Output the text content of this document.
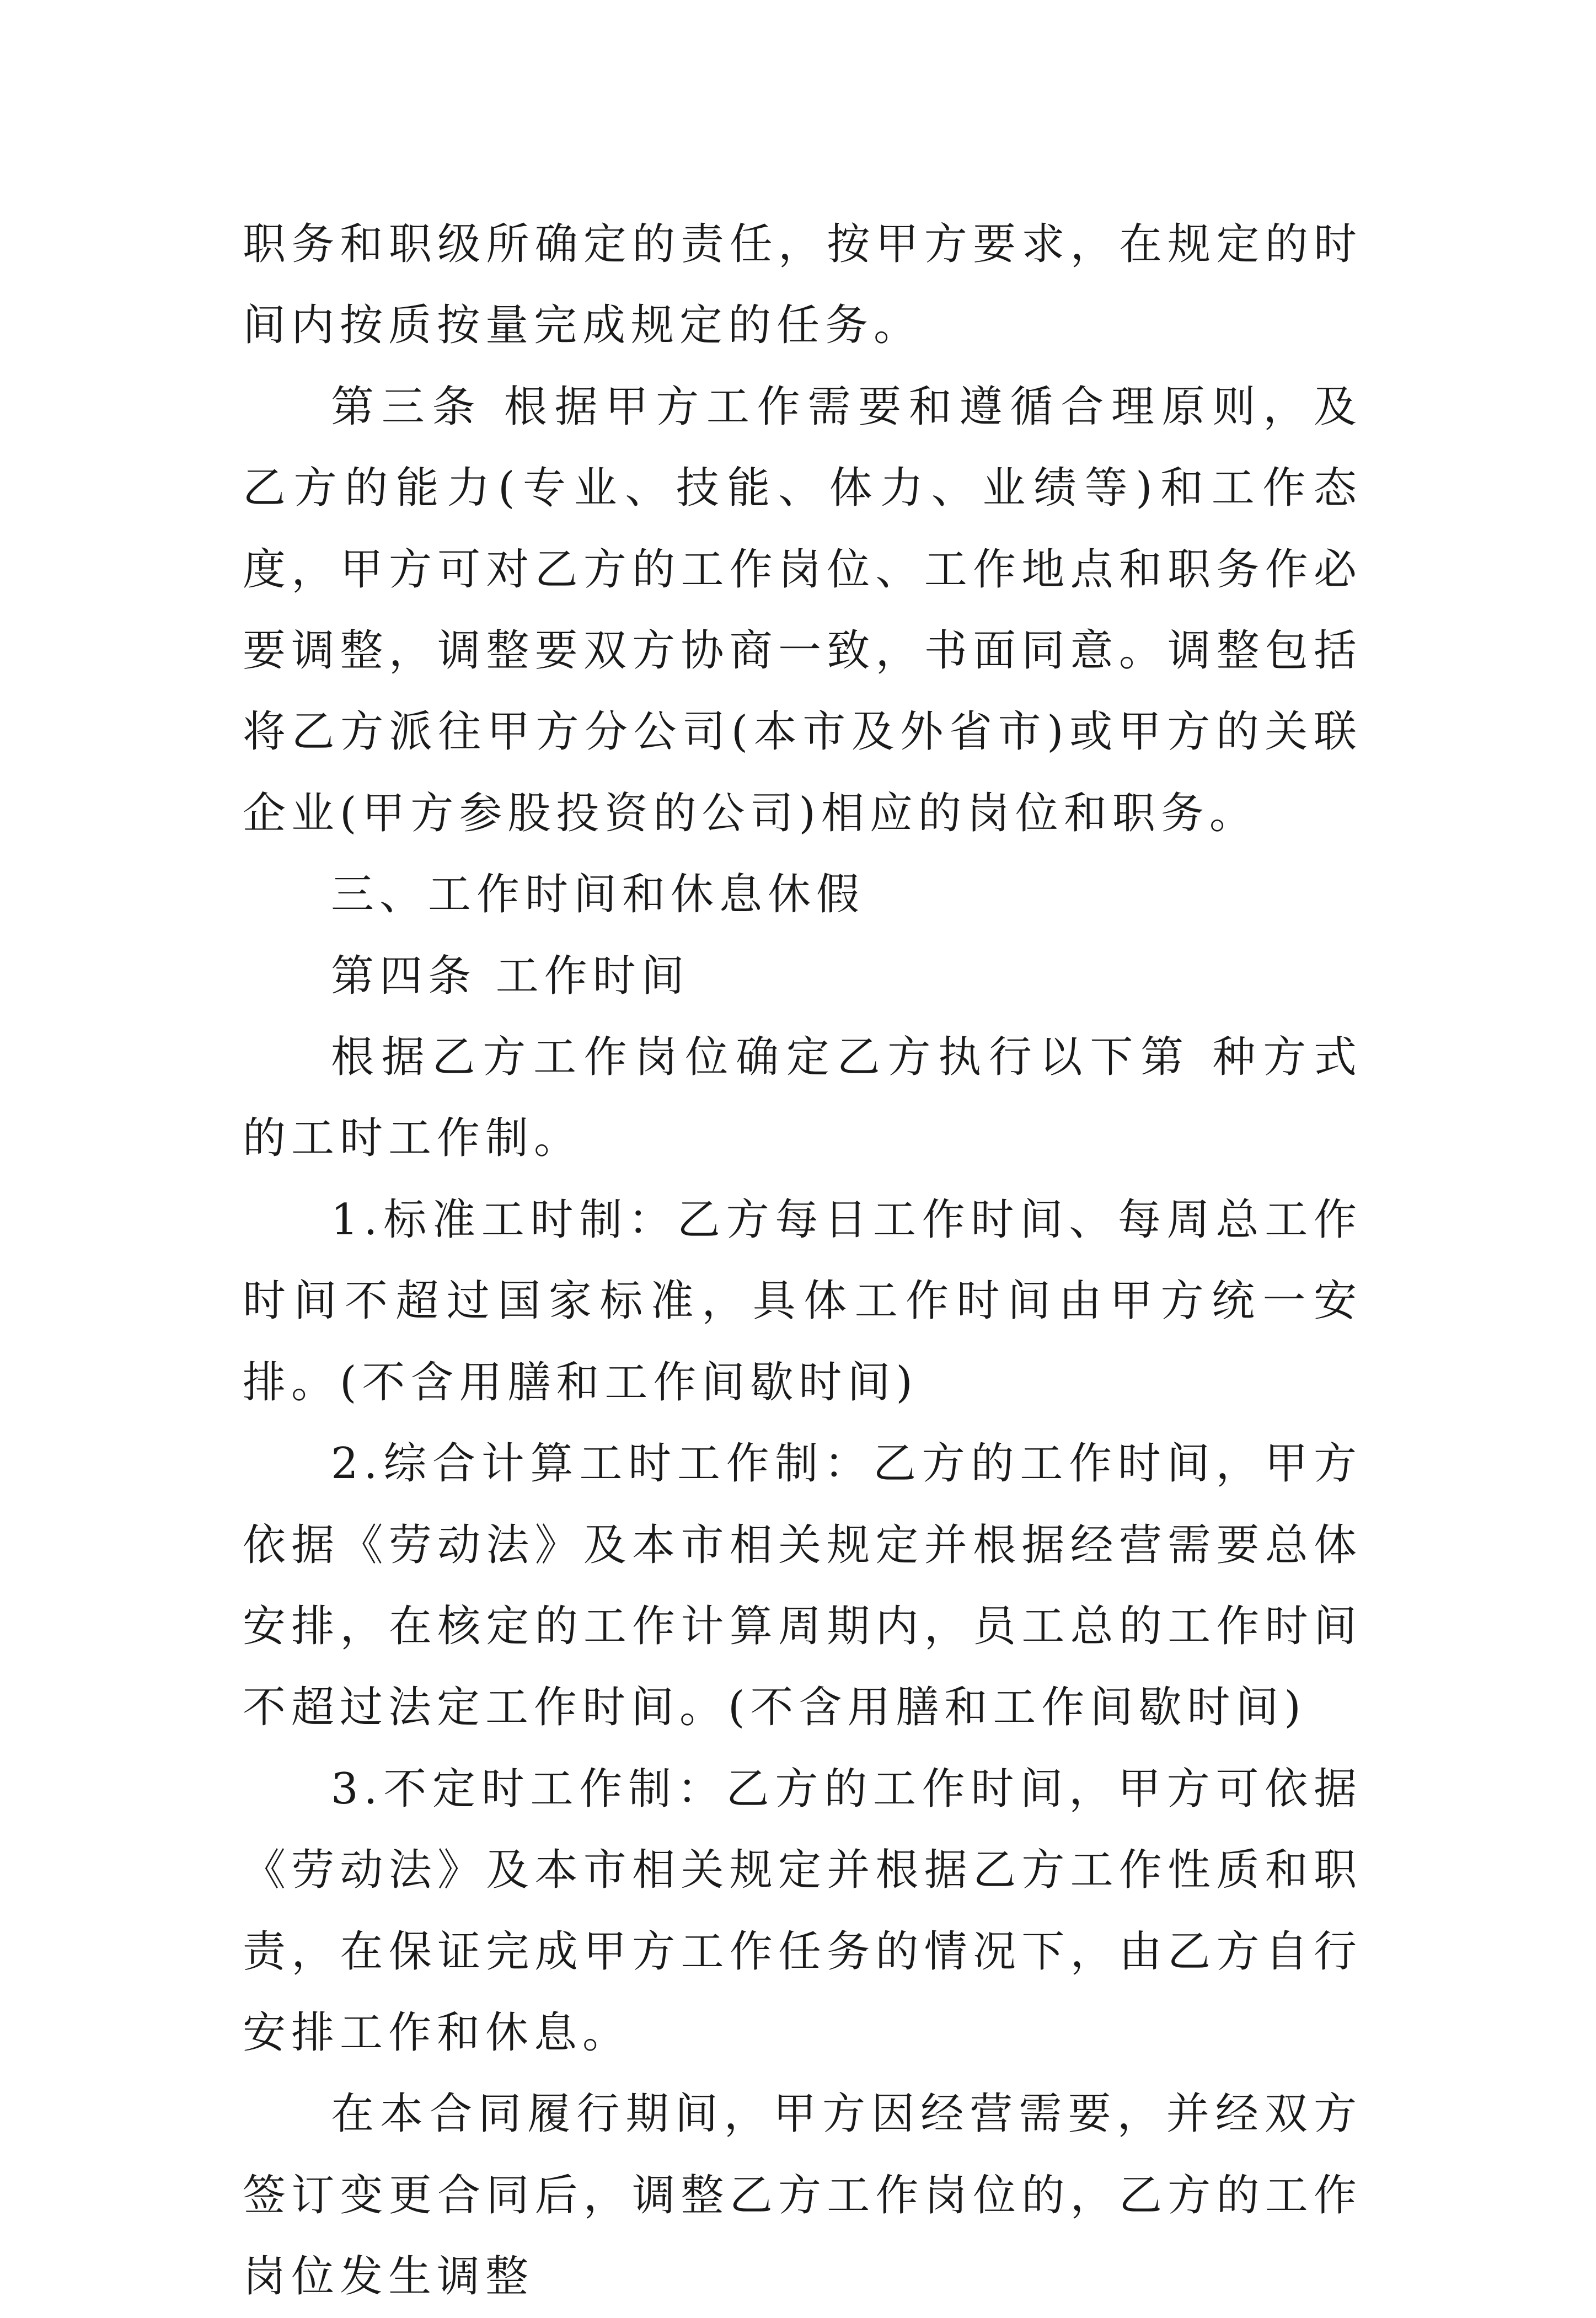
职务和职级所确定的责任，按甲方要求，在规定的时间内按质按量完成规定的任务。

第三条 根据甲方工作需要和遵循合理原则，及乙方的能力(专业、技能、体力、业绩等)和工作态度，甲方可对乙方的工作岗位、工作地点和职务作必要调整，调整要双方协商一致，书面同意。调整包括将乙方派往甲方分公司(本市及外省市)或甲方的关联企业(甲方参股投资的公司)相应的岗位和职务。

三、工作时间和休息休假

第四条 工作时间

根据乙方工作岗位确定乙方执行以下第 种方式的工时工作制。

1.标准工时制：乙方每日工作时间、每周总工作时间不超过国家标准，具体工作时间由甲方统一安排。(不含用膳和工作间歇时间)

2.综合计算工时工作制：乙方的工作时间，甲方依据《劳动法》及本市相关规定并根据经营需要总体安排，在核定的工作计算周期内，员工总的工作时间不超过法定工作时间。(不含用膳和工作间歇时间)

3.不定时工作制：乙方的工作时间，甲方可依据《劳动法》及本市相关规定并根据乙方工作性质和职责，在保证完成甲方工作任务的情况下，由乙方自行安排工作和休息。

在本合同履行期间，甲方因经营需要，并经双方签订变更合同后，调整乙方工作岗位的，乙方的工作岗位发生调整
